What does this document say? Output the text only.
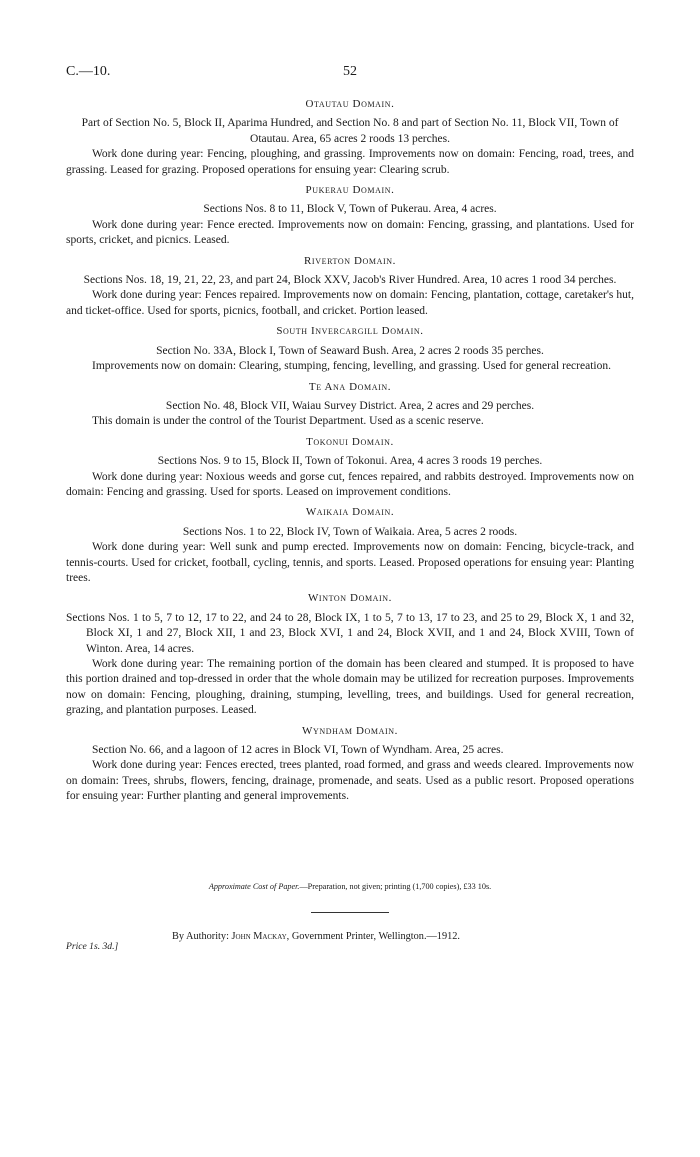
C.—10.	52
Otautau Domain.

Part of Section No. 5, Block II, Aparima Hundred, and Section No. 8 and part of Section No. 11, Block VII, Town of Otautau. Area, 65 acres 2 roods 13 perches.

Work done during year: Fencing, ploughing, and grassing. Improvements now on domain: Fencing, road, trees, and grassing. Leased for grazing. Proposed operations for ensuing year: Clearing scrub.

Pukerau Domain.

Sections Nos. 8 to 11, Block V, Town of Pukerau. Area, 4 acres.

Work done during year: Fence erected. Improvements now on domain: Fencing, grassing, and plantations. Used for sports, cricket, and picnics. Leased.

Riverton Domain.

Sections Nos. 18, 19, 21, 22, 23, and part 24, Block XXV, Jacob's River Hundred. Area, 10 acres 1 rood 34 perches.

Work done during year: Fences repaired. Improvements now on domain: Fencing, plantation, cottage, caretaker's hut, and ticket-office. Used for sports, picnics, football, and cricket. Portion leased.

South Invercargill Domain.

Section No. 33A, Block I, Town of Seaward Bush. Area, 2 acres 2 roods 35 perches.

Improvements now on domain: Clearing, stumping, fencing, levelling, and grassing. Used for general recreation.

Te Ana Domain.

Section No. 48, Block VII, Waiau Survey District. Area, 2 acres and 29 perches.

This domain is under the control of the Tourist Department. Used as a scenic reserve.

Tokonui Domain.

Sections Nos. 9 to 15, Block II, Town of Tokonui. Area, 4 acres 3 roods 19 perches.

Work done during year: Noxious weeds and gorse cut, fences repaired, and rabbits destroyed. Improvements now on domain: Fencing and grassing. Used for sports. Leased on improvement conditions.

Waikaia Domain.

Sections Nos. 1 to 22, Block IV, Town of Waikaia. Area, 5 acres 2 roods.

Work done during year: Well sunk and pump erected. Improvements now on domain: Fencing, bicycle-track, and tennis-courts. Used for cricket, football, cycling, tennis, and sports. Leased. Proposed operations for ensuing year: Planting trees.

Winton Domain.

Sections Nos. 1 to 5, 7 to 12, 17 to 22, and 24 to 28, Block IX, 1 to 5, 7 to 13, 17 to 23, and 25 to 29, Block X, 1 and 32, Block XI, 1 and 27, Block XII, 1 and 23, Block XVI, 1 and 24, Block XVII, and 1 and 24, Block XVIII, Town of Winton. Area, 14 acres.

Work done during year: The remaining portion of the domain has been cleared and stumped. It is proposed to have this portion drained and top-dressed in order that the whole domain may be utilized for recreation purposes. Improvements now on domain: Fencing, ploughing, draining, stumping, levelling, trees, and buildings. Used for general recreation, grazing, and plantation purposes. Leased.

Wyndham Domain.

Section No. 66, and a lagoon of 12 acres in Block VI, Town of Wyndham. Area, 25 acres.

Work done during year: Fences erected, trees planted, road formed, and grass and weeds cleared. Improvements now on domain: Trees, shrubs, flowers, fencing, drainage, promenade, and seats. Used as a public resort. Proposed operations for ensuing year: Further planting and general improvements.

Approximate Cost of Paper.—Preparation, not given; printing (1,700 copies), £33 10s.
By Authority: John Mackay, Government Printer, Wellington.—1912.
Price 1s. 3d.]
